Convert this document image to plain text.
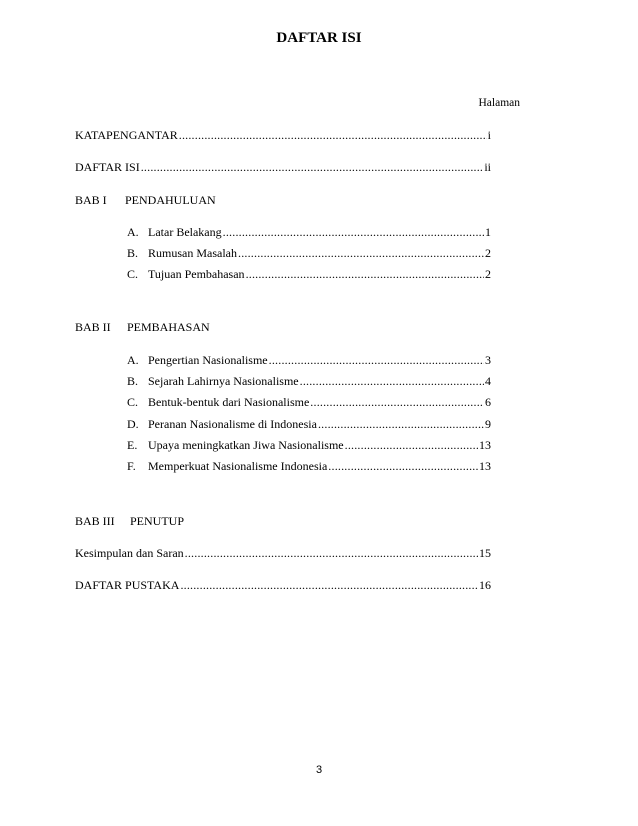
DAFTAR ISI
Halaman
KATAPENGANTAR .....	i
DAFTAR ISI .....	ii
BAB I PENDAHULUAN
A. Latar Belakang .....	1
B. Rumusan Masalah .....	2
C. Tujuan Pembahasan .....	2
BAB II PEMBAHASAN
A. Pengertian Nasionalisme .....	3
B. Sejarah Lahirnya Nasionalisme .....	4
C. Bentuk-bentuk dari Nasionalisme .....	6
D. Peranan Nasionalisme di Indonesia .....	9
E. Upaya meningkatkan Jiwa Nasionalisme .....	13
F.	Memperkuat Nasionalisme Indonesia .....	13
BAB III PENUTUP
Kesimpulan dan Saran .....	15
DAFTAR PUSTAKA .....	16
3
